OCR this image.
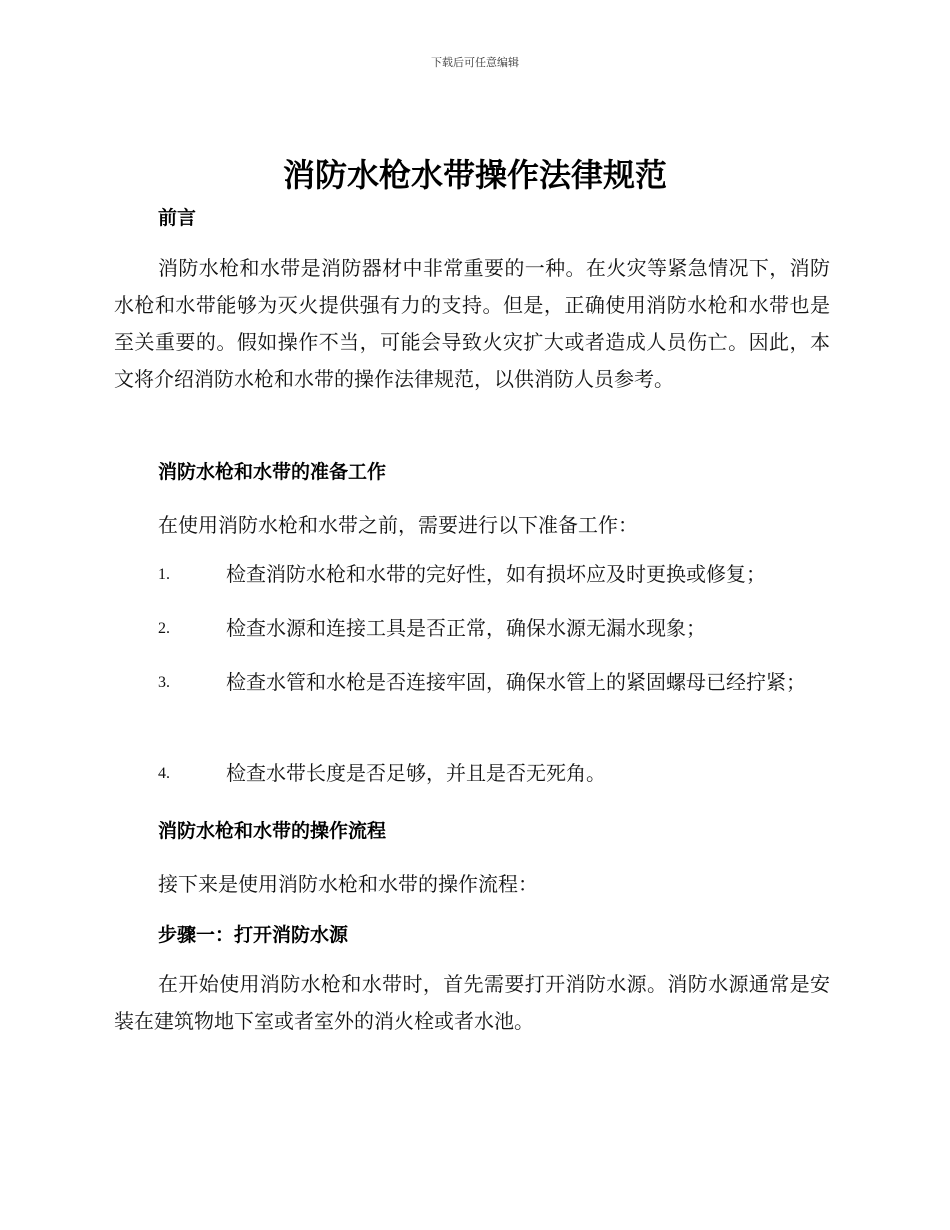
下载后可任意编辑
消防水枪水带操作法律规范
前言
消防水枪和水带是消防器材中非常重要的一种。在火灾等紧急情况下，消防水枪和水带能够为灭火提供强有力的支持。但是，正确使用消防水枪和水带也是至关重要的。假如操作不当，可能会导致火灾扩大或者造成人员伤亡。因此，本文将介绍消防水枪和水带的操作法律规范，以供消防人员参考。
消防水枪和水带的准备工作
在使用消防水枪和水带之前，需要进行以下准备工作：
1.	检查消防水枪和水带的完好性，如有损坏应及时更换或修复；
2.	检查水源和连接工具是否正常，确保水源无漏水现象；
3.	检查水管和水枪是否连接牢固，确保水管上的紧固螺母已经拧紧；
4.	检查水带长度是否足够，并且是否无死角。
消防水枪和水带的操作流程
接下来是使用消防水枪和水带的操作流程：
步骤一：打开消防水源
在开始使用消防水枪和水带时，首先需要打开消防水源。消防水源通常是安装在建筑物地下室或者室外的消火栓或者水池。
